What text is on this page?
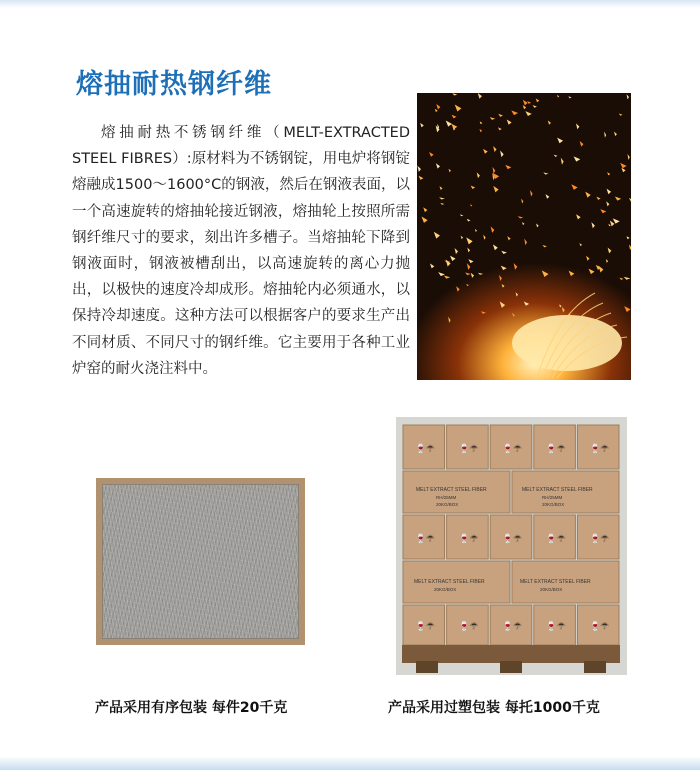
熔抽耐热钢纤维

熔抽耐热不锈钢纤维（MELT-EXTRACTED STEEL FIBRES）:原材料为不锈钢锭，用电炉将钢锭熔融成1500～1600°C的钢液，然后在钢液表面，以一个高速旋转的熔抽轮接近钢液，熔抽轮上按照所需钢纤维尺寸的要求，刻出许多槽子。当熔抽轮下降到钢液面时，钢液被槽刮出，以高速旋转的离心力抛出，以极快的速度冷却成形。熔抽轮内必须通水，以保持冷却速度。这种方法可以根据客户的要求生产出不同材质、不同尺寸的钢纤维。它主要用于各种工业炉窑的耐火浇注料中。

🍷☂	🍷☂	🍷☂	🍷☂	🍷☂
🍷☂	🍷☂	🍷☂	🍷☂	🍷☂
🍷☂	🍷☂	🍷☂	🍷☂	🍷☂
MELT EXTRACT STEEL FIBER	MELT EXTRACT STEEL FIBER
RH/25MM	RH/25MM
20KG/BOX	20KG/BOX
MELT EXTRACT STEEL FIBER	MELT EXTRACT STEEL FIBER
20KG/BOX	20KG/BOX
产品采用有序包装 每件20千克	产品采用过塑包装 每托1000千克
